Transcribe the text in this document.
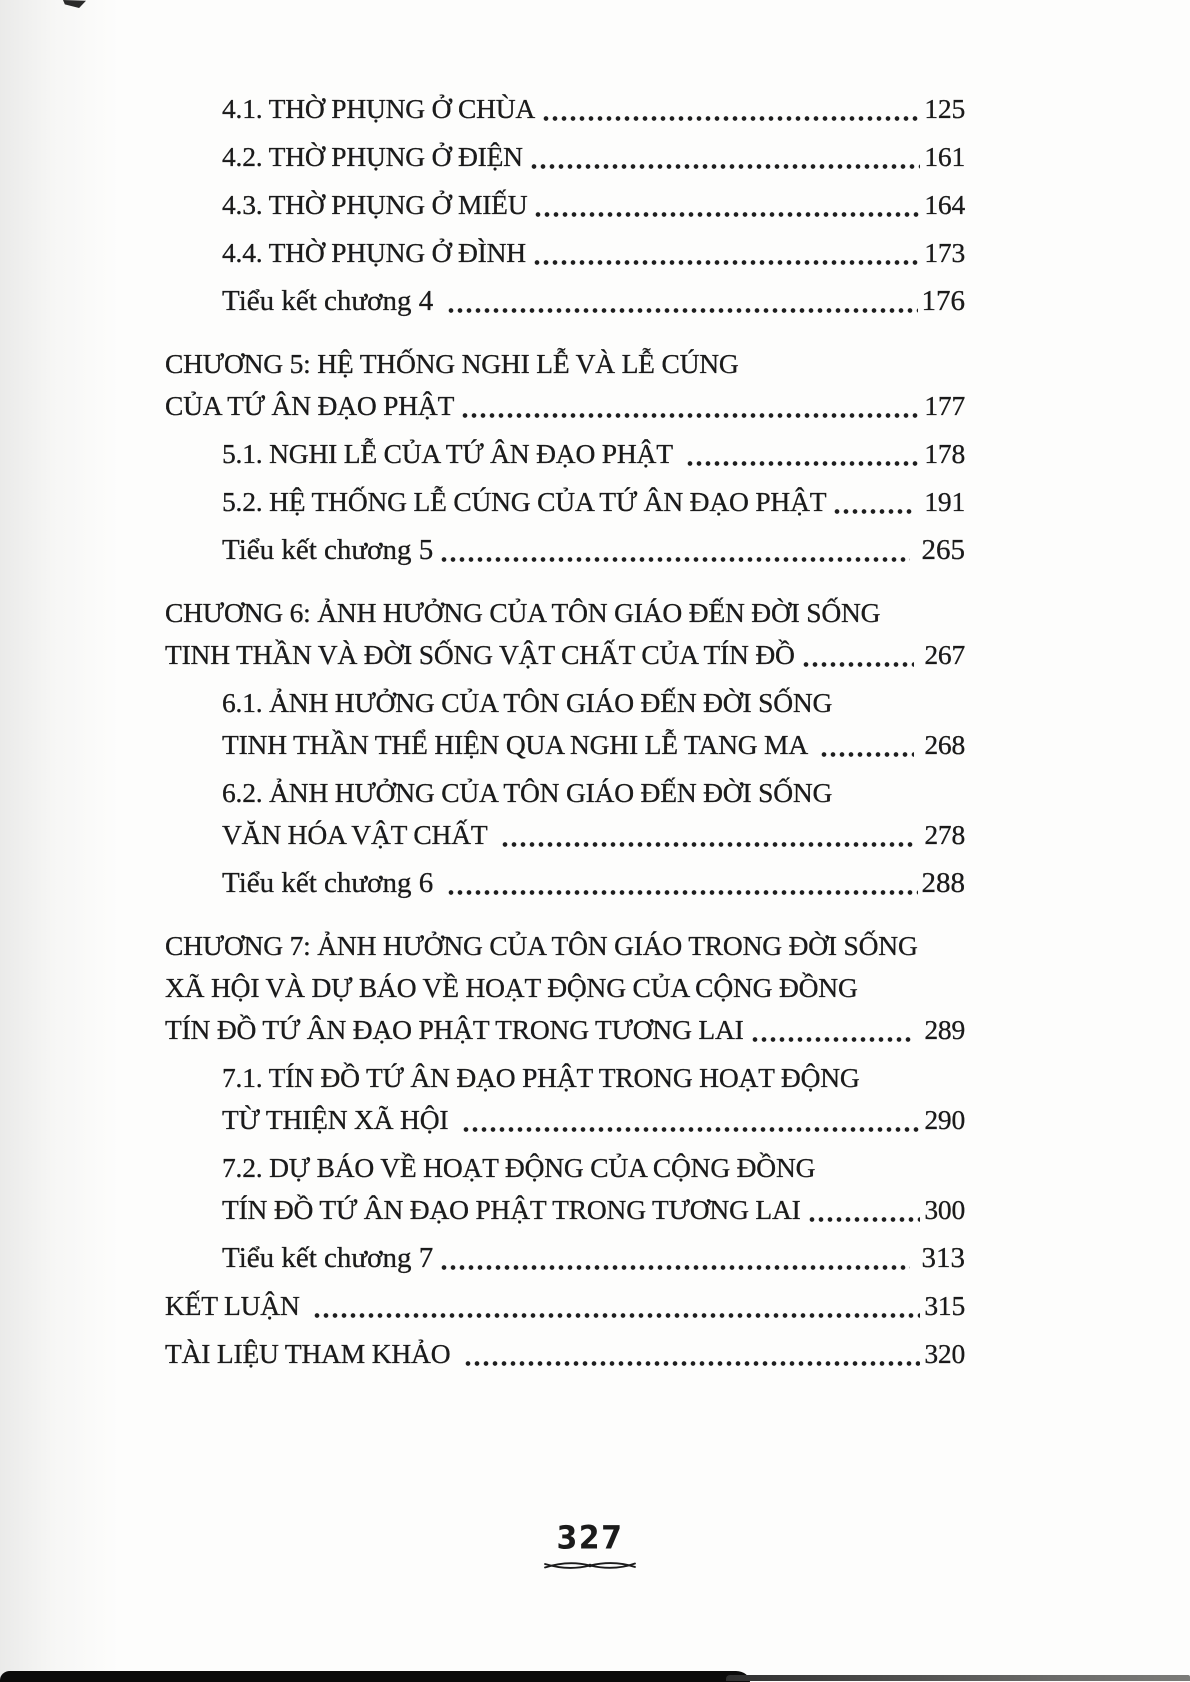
4.1. THỜ PHỤNG Ở CHÙA	125
4.2. THỜ PHỤNG Ở ĐIỆN	161
4.3. THỜ PHỤNG Ở MIẾU	164
4.4. THỜ PHỤNG Ở ĐÌNH	173
Tiểu kết chương 4	176
CHƯƠNG 5: HỆ THỐNG NGHI LỄ VÀ LỄ CÚNG
CỦA TỨ ÂN ĐẠO PHẬT	177
5.1. NGHI LỄ CỦA TỨ ÂN ĐẠO PHẬT	178
5.2. HỆ THỐNG LỄ CÚNG CỦA TỨ ÂN ĐẠO PHẬT	191
Tiểu kết chương 5	265
CHƯƠNG 6: ẢNH HƯỞNG CỦA TÔN GIÁO ĐẾN ĐỜI SỐNG
TINH THẦN VÀ ĐỜI SỐNG VẬT CHẤT CỦA TÍN ĐỒ	267
6.1. ẢNH HƯỞNG CỦA TÔN GIÁO ĐẾN ĐỜI SỐNG
TINH THẦN THỂ HIỆN QUA NGHI LỄ TANG MA	268
6.2. ẢNH HƯỞNG CỦA TÔN GIÁO ĐẾN ĐỜI SỐNG
VĂN HÓA VẬT CHẤT	278
Tiểu kết chương 6	288
CHƯƠNG 7: ẢNH HƯỞNG CỦA TÔN GIÁO TRONG ĐỜI SỐNG
XÃ HỘI VÀ DỰ BÁO VỀ HOẠT ĐỘNG CỦA CỘNG ĐỒNG
TÍN ĐỒ TỨ ÂN ĐẠO PHẬT TRONG TƯƠNG LAI	289
7.1. TÍN ĐỒ TỨ ÂN ĐẠO PHẬT TRONG HOẠT ĐỘNG
TỪ THIỆN XÃ HỘI	290
7.2. DỰ BÁO VỀ HOẠT ĐỘNG CỦA CỘNG ĐỒNG
TÍN ĐỒ TỨ ÂN ĐẠO PHẬT TRONG TƯƠNG LAI	300
Tiểu kết chương 7	313
KẾT LUẬN	315
TÀI LIỆU THAM KHẢO	320
327
